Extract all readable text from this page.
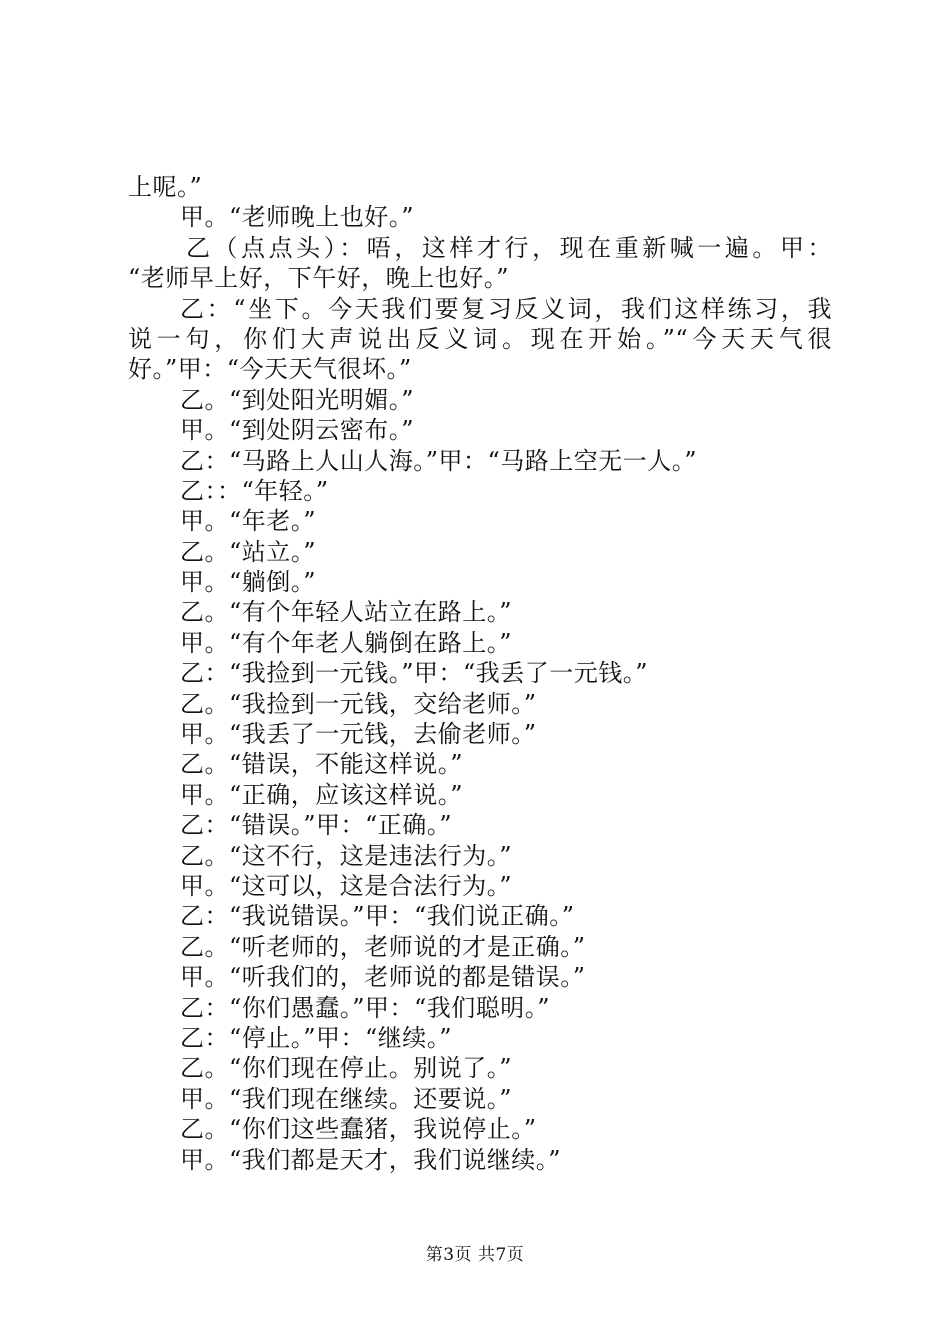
上呢。”
甲。“老师晚上也好。”
乙（点点头）：唔，这样才行，现在重新喊一遍。甲：
“老师早上好，下午好，晚上也好。”
乙：“坐下。今天我们要复习反义词，我们这样练习，我
说一句，你们大声说出反义词。现在开始。”“今天天气很
好。”甲：“今天天气很坏。”
乙。“到处阳光明媚。”
甲。“到处阴云密布。”
乙：“马路上人山人海。”甲：“马路上空无一人。”
乙：：“年轻。”
甲。“年老。”
乙。“站立。”
甲。“躺倒。”
乙。“有个年轻人站立在路上。”
甲。“有个年老人躺倒在路上。”
乙：“我捡到一元钱。”甲：“我丢了一元钱。”
乙。“我捡到一元钱，交给老师。”
甲。“我丢了一元钱，去偷老师。”
乙。“错误，不能这样说。”
甲。“正确，应该这样说。”
乙：“错误。”甲：“正确。”
乙。“这不行，这是违法行为。”
甲。“这可以，这是合法行为。”
乙：“我说错误。”甲：“我们说正确。”
乙。“听老师的，老师说的才是正确。”
甲。“听我们的，老师说的都是错误。”
乙：“你们愚蠢。”甲：“我们聪明。”
乙：“停止。”甲：“继续。”
乙。“你们现在停止。别说了。”
甲。“我们现在继续。还要说。”
乙。“你们这些蠢猪，我说停止。”
甲。“我们都是天才，我们说继续。”
第3页 共7页
